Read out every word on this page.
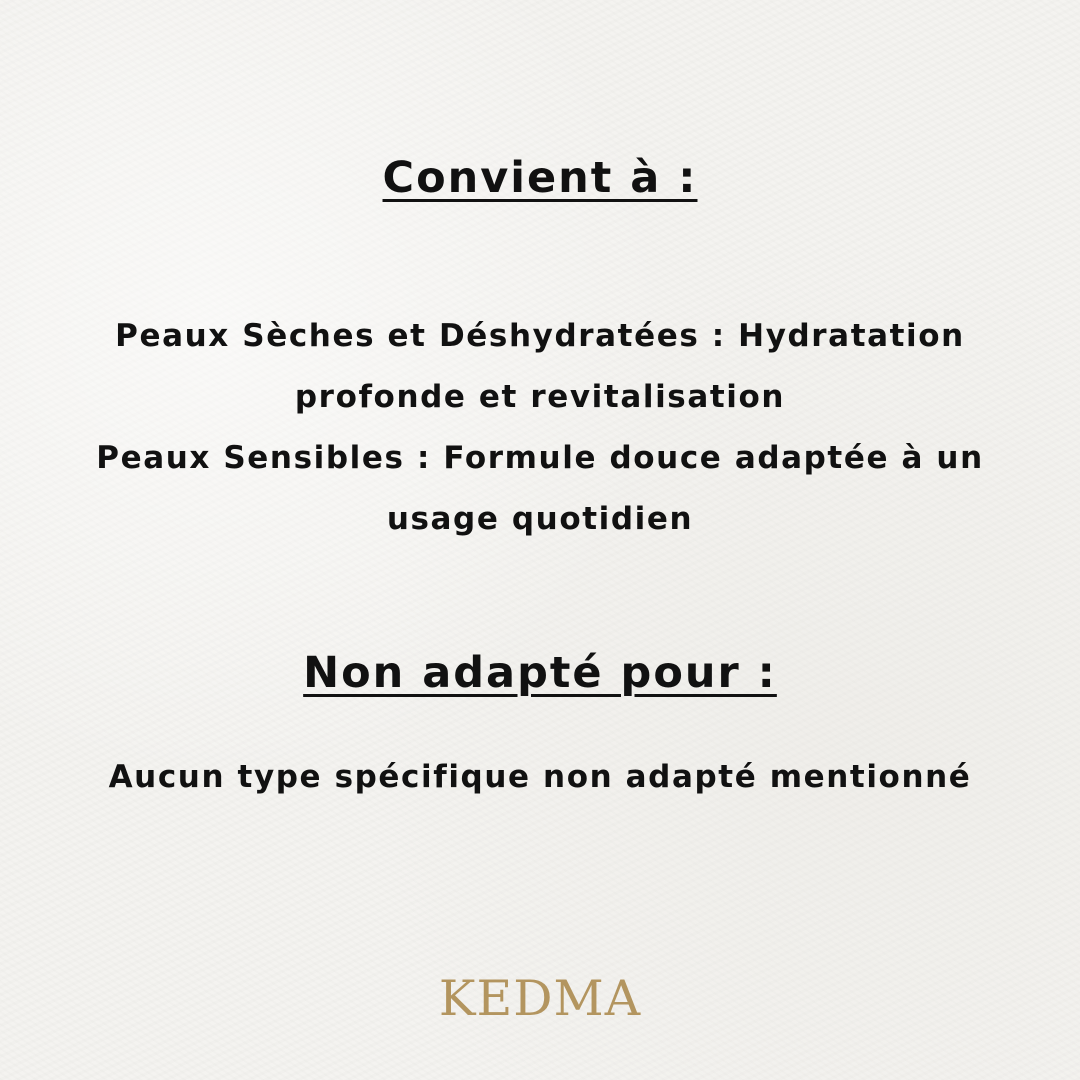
Convient à :

Peaux Sèches et Déshydratées : Hydratation profonde et revitalisation

Peaux Sensibles : Formule douce adaptée à un usage quotidien

Non adapté pour :

Aucun type spécifique non adapté mentionné

KEDMA
